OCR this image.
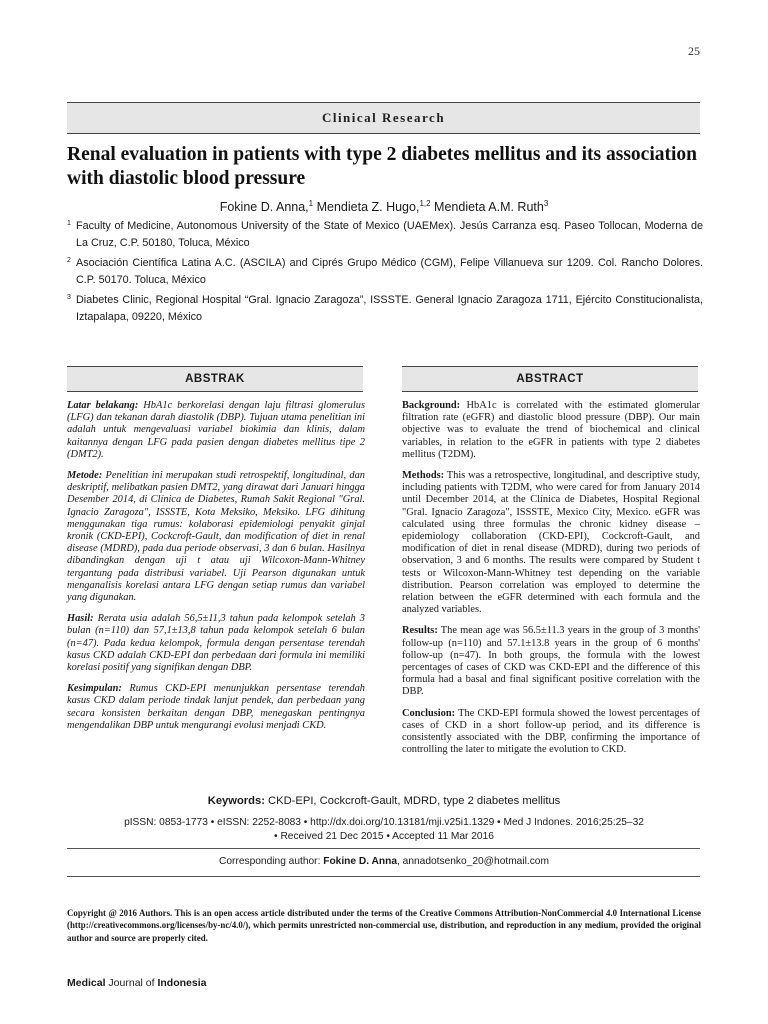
25
Clinical Research
Renal evaluation in patients with type 2 diabetes mellitus and its association with diastolic blood pressure
Fokine D. Anna,$^1$ Mendieta Z. Hugo,$^{1,2}$ Mendieta A.M. Ruth$^3$
1 Faculty of Medicine, Autonomous University of the State of Mexico (UAEMex). Jesús Carranza esq. Paseo Tollocan, Moderna de La Cruz, C.P. 50180, Toluca, México
2 Asociación Científica Latina A.C. (ASCILA) and Ciprés Grupo Médico (CGM), Felipe Villanueva sur 1209. Col. Rancho Dolores. C.P. 50170. Toluca, México
3 Diabetes Clinic, Regional Hospital “Gral. Ignacio Zaragoza”, ISSSTE. General Ignacio Zaragoza 1711, Ejército Constitucionalista, Iztapalapa, 09220, México
ABSTRAK	ABSTRACT

Latar belakang: HbA1c berkorelasi dengan laju filtrasi glomerulus (LFG) dan tekanan darah diastolik (DBP). Tujuan utama penelitian ini adalah untuk mengevaluasi variabel biokimia dan klinis, dalam kaitannya dengan LFG pada pasien dengan diabetes mellitus tipe 2 (DMT2).

Metode: Penelitian ini merupakan studi retrospektif, longitudinal, dan deskriptif, melibatkan pasien DMT2, yang dirawat dari Januari hingga Desember 2014, di Clínica de Diabetes, Rumah Sakit Regional "Gral. Ignacio Zaragoza", ISSSTE, Kota Meksiko, Meksiko. LFG dihitung menggunakan tiga rumus: kolaborasi epidemiologi penyakit ginjal kronik (CKD-EPI), Cockcroft-Gault, dan modification of diet in renal disease (MDRD), pada dua periode observasi, 3 dan 6 bulan. Hasilnya dibandingkan dengan uji t atau uji Wilcoxon-Mann-Whitney tergantung pada distribusi variabel. Uji Pearson digunakan untuk menganalisis korelasi antara LFG dengan setiap rumus dan variabel yang digunakan.

Hasil: Rerata usia adalah 56,5±11,3 tahun pada kelompok setelah 3 bulan (n=110) dan 57,1±13,8 tahun pada kelompok setelah 6 bulan (n=47). Pada kedua kelompok, formula dengan persentase terendah kasus CKD adalah CKD-EPI dan perbedaan dari formula ini memiliki korelasi positif yang signifikan dengan DBP.

Kesimpulan: Rumus CKD-EPI menunjukkan persentase terendah kasus CKD dalam periode tindak lanjut pendek, dan perbedaan yang secara konsisten berkaitan dengan DBP, menegaskan pentingnya mengendalikan DBP untuk mengurangi evolusi menjadi CKD.

Background: HbA1c is correlated with the estimated glomerular filtration rate (eGFR) and diastolic blood pressure (DBP). Our main objective was to evaluate the trend of biochemical and clinical variables, in relation to the eGFR in patients with type 2 diabetes mellitus (T2DM).

Methods: This was a retrospective, longitudinal, and descriptive study, including patients with T2DM, who were cared for from January 2014 until December 2014, at the Clínica de Diabetes, Hospital Regional "Gral. Ignacio Zaragoza", ISSSTE, Mexico City, Mexico. eGFR was calculated using three formulas the chronic kidney disease – epidemiology collaboration (CKD-EPI), Cockcroft-Gault, and modification of diet in renal disease (MDRD), during two periods of observation, 3 and 6 months. The results were compared by Student t tests or Wilcoxon-Mann-Whitney test depending on the variable distribution. Pearson correlation was employed to determine the relation between the eGFR determined with each formula and the analyzed variables.

Results: The mean age was 56.5±11.3 years in the group of 3 months' follow-up (n=110) and 57.1±13.8 years in the group of 6 months' follow-up (n=47). In both groups, the formula with the lowest percentages of cases of CKD was CKD-EPI and the difference of this formula had a basal and final significant positive correlation with the DBP.

Conclusion: The CKD-EPI formula showed the lowest percentages of cases of CKD in a short follow-up period, and its difference is consistently associated with the DBP, confirming the importance of controlling the later to mitigate the evolution to CKD.

Keywords: CKD-EPI, Cockcroft-Gault, MDRD, type 2 diabetes mellitus
pISSN: 0853-1773 • eISSN: 2252-8083 • http://dx.doi.org/10.13181/mji.v25i1.1329 • Med J Indones. 2016;25:25–32
• Received 21 Dec 2015 • Accepted 11 Mar 2016
Corresponding author: Fokine D. Anna, annadotsenko_20@hotmail.com

Copyright @ 2016 Authors. This is an open access article distributed under the terms of the Creative Commons Attribution-NonCommercial 4.0 International License (http://creativecommons.org/licenses/by-nc/4.0/), which permits unrestricted non-commercial use, distribution, and reproduction in any medium, provided the original author and source are properly cited.

Medical Journal of Indonesia
